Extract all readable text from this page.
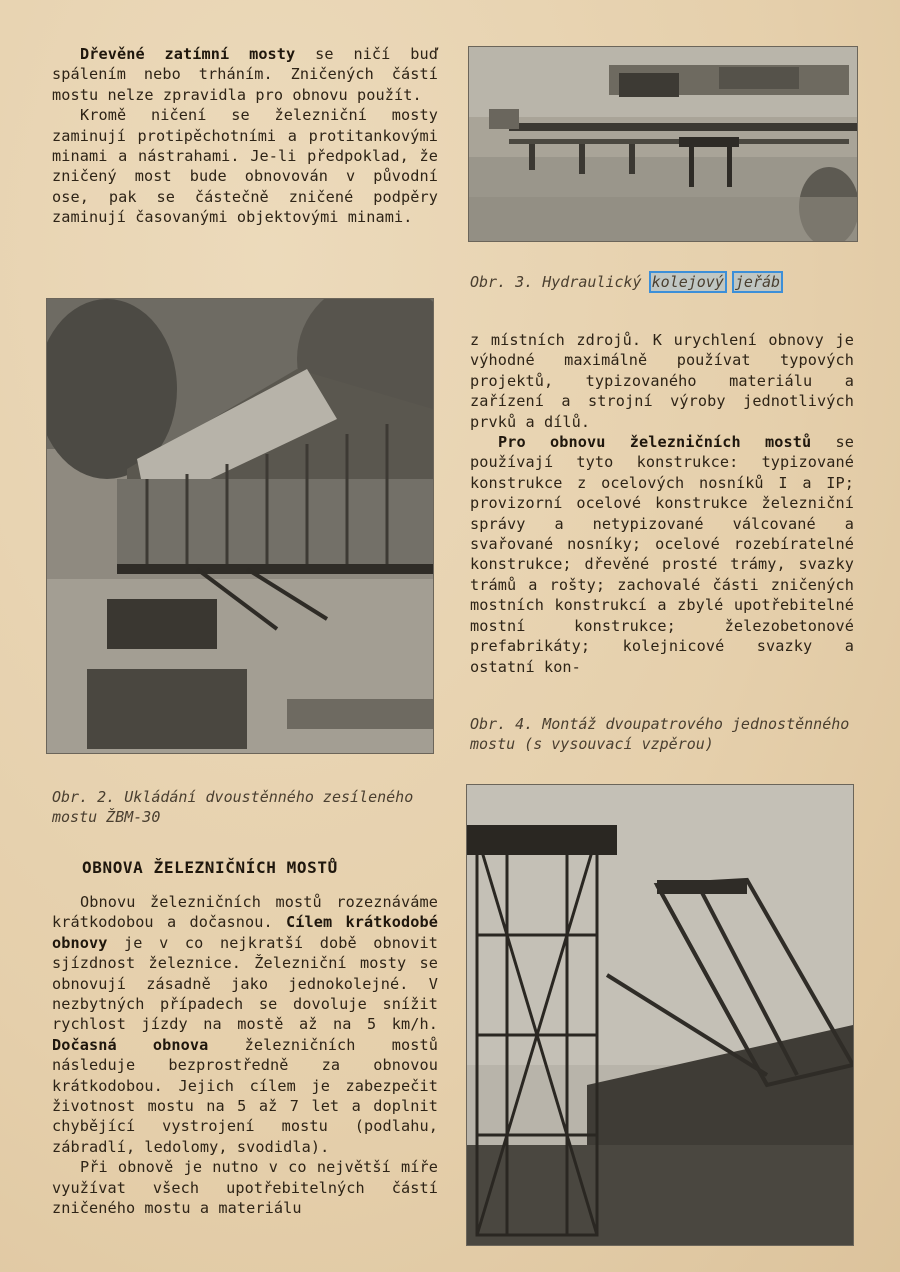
Dřevěné zatímní mosty se ničí buď spálením nebo trháním. Zničených částí mostu nelze zpravidla pro obnovu použít.

Kromě ničení se železniční mosty zaminují protipěchotními a protitankovými minami a nástrahami. Je-li předpoklad, že zničený most bude obnovován v původní ose, pak se částečně zničené podpěry zaminují časovanými objektovými minami.

Obr. 3. Hydraulický kolejový jeřáb
Obr. 2. Ukládání dvoustěnného zesíleného mostu ŽBM-30

z místních zdrojů. K urychlení obnovy je výhodné maximálně používat typových projektů, typizovaného materiálu a zařízení a strojní výroby jednotlivých prvků a dílů.

Pro obnovu železničních mostů se používají tyto konstrukce: typizované konstrukce z ocelových nosníků I a IP; provizorní ocelové konstrukce železniční správy a netypizované válcované a svařované nosníky; ocelové rozebíratelné konstrukce; dřevěné prosté trámy, svazky trámů a rošty; zachovalé části zničených mostních konstrukcí a zbylé upotřebitelné mostní konstrukce; železobetonové prefabrikáty; kolejnicové svazky a ostatní kon-

Obr. 4. Montáž dvoupatrového jednostěnného mostu (s vysouvací vzpěrou)
OBNOVA ŽELEZNIČNÍCH MOSTŮ

Obnovu železničních mostů rozeznáváme krátkodobou a dočasnou. Cílem krátkodobé obnovy je v co nejkratší době obnovit sjízdnost železnice. Železniční mosty se obnovují zásadně jako jednokolejné. V nezbytných případech se dovoluje snížit rychlost jízdy na mostě až na 5 km/h. Dočasná obnova železničních mostů následuje bezprostředně za obnovou krátkodobou. Jejich cílem je zabezpečit životnost mostu na 5 až 7 let a doplnit chybějící vystrojení mostu (podlahu, zábradlí, ledolomy, svodidla).

Při obnově je nutno v co největší míře využívat všech upotřebitelných částí zničeného mostu a materiálu
